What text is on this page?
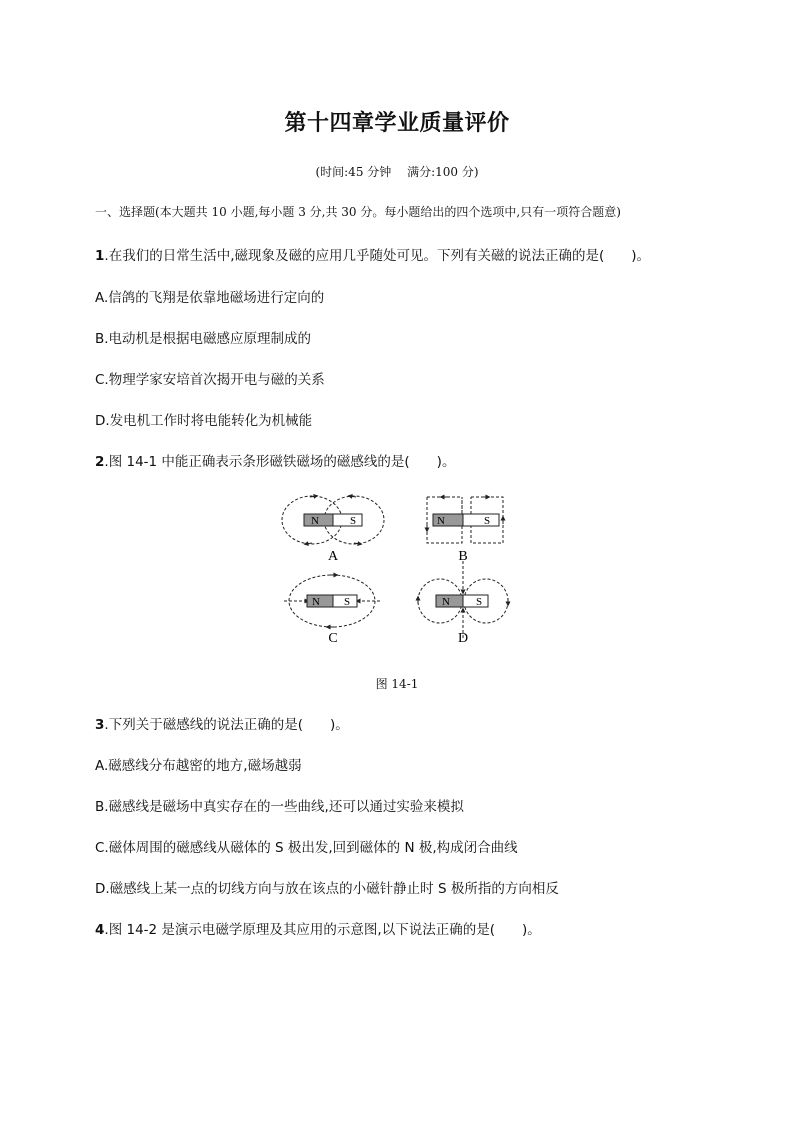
第十四章学业质量评价
(时间:45 分钟　 满分:100 分)
一、选择题(本大题共 10 小题,每小题 3 分,共 30 分。每小题给出的四个选项中,只有一项符合题意)
1.在我们的日常生活中,磁现象及磁的应用几乎随处可见。下列有关磁的说法正确的是(　　)。
A.信鸽的飞翔是依靠地磁场进行定向的
B.电动机是根据电磁感应原理制成的
C.物理学家安培首次揭开电与磁的关系
D.发电机工作时将电能转化为机械能
2.图 14-1 中能正确表示条形磁铁磁场的磁感线的是(　　)。
N	S
A
N	S
B
N S
C
N S
D
图 14-1
3.下列关于磁感线的说法正确的是(　　)。
A.磁感线分布越密的地方,磁场越弱
B.磁感线是磁场中真实存在的一些曲线,还可以通过实验来模拟
C.磁体周围的磁感线从磁体的 S 极出发,回到磁体的 N 极,构成闭合曲线
D.磁感线上某一点的切线方向与放在该点的小磁针静止时 S 极所指的方向相反
4.图 14-2 是演示电磁学原理及其应用的示意图,以下说法正确的是(　　)。
